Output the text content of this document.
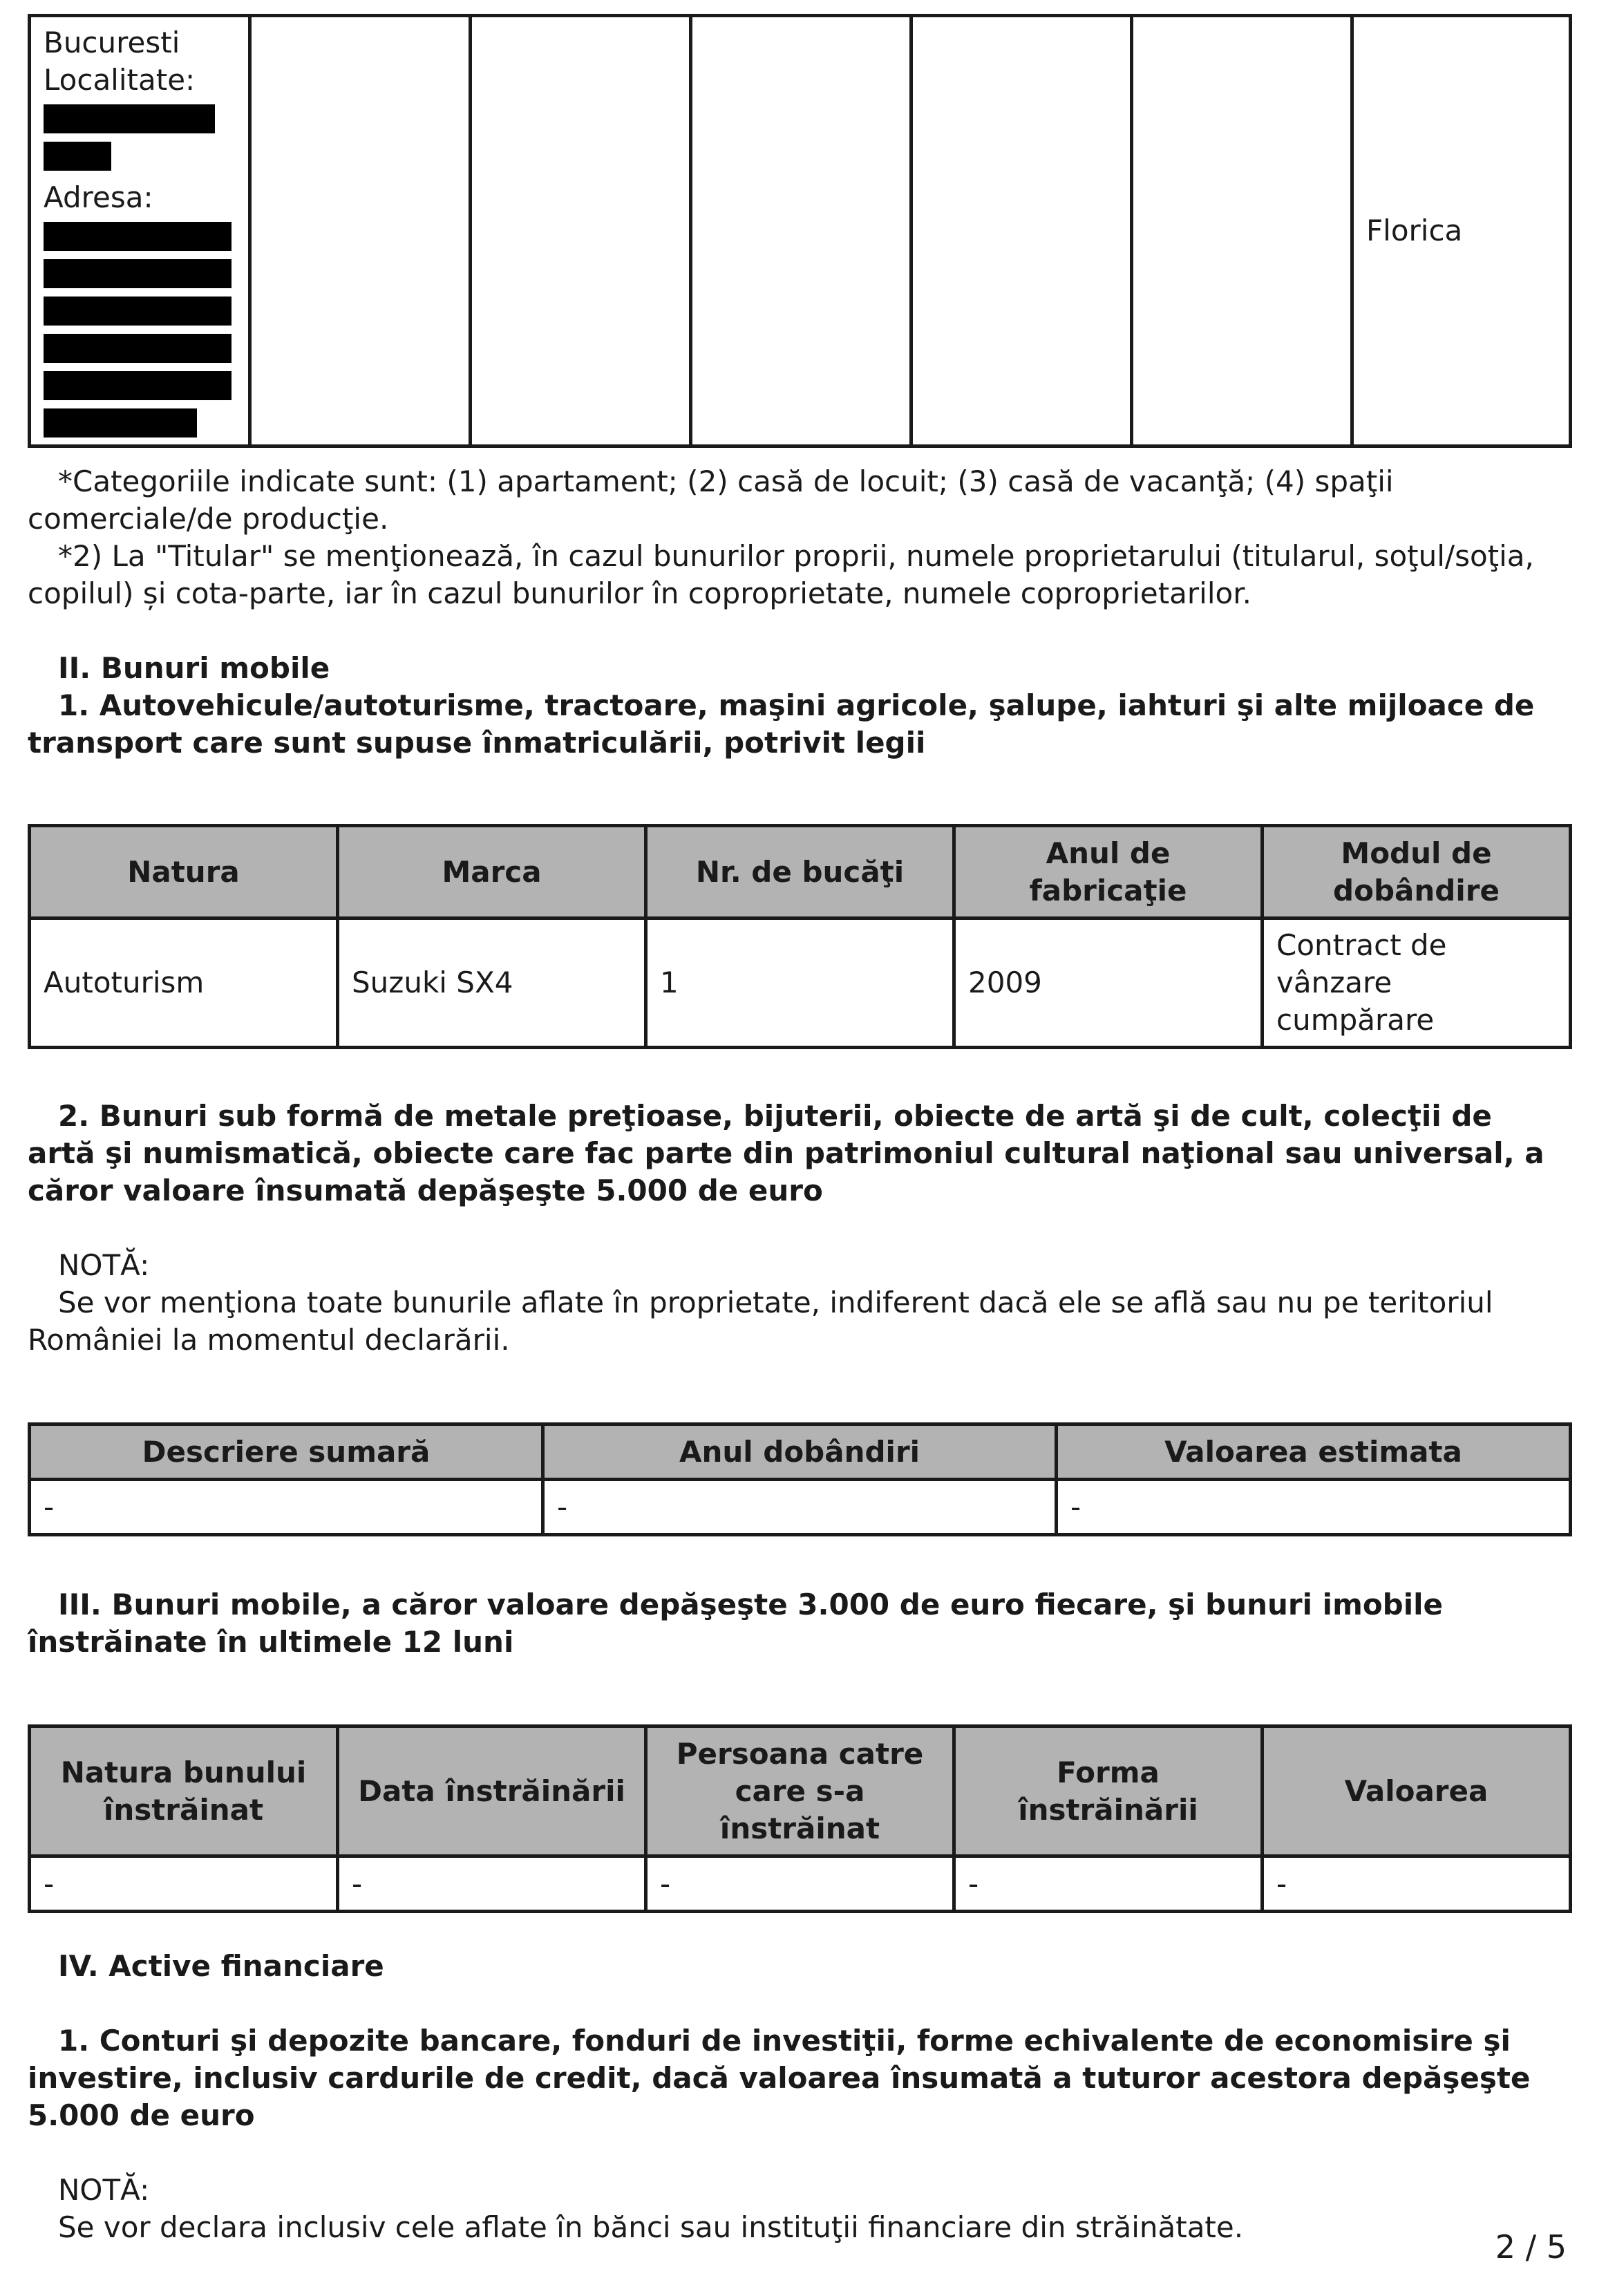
Bucuresti
Localitate:
Adresa:
						Florica

*Categoriile indicate sunt: (1) apartament; (2) casă de locuit; (3) casă de vacanţă; (4) spaţii comerciale/de producţie.

*2) La "Titular" se menţionează, în cazul bunurilor proprii, numele proprietarului (titularul, soţul/soţia, copilul) și cota-parte, iar în cazul bunurilor în coproprietate, numele coproprietarilor.

II. Bunuri mobile

1. Autovehicule/autoturisme, tractoare, maşini agricole, şalupe, iahturi şi alte mijloace de transport care sunt supuse înmatriculării, potrivit legii

Natura	Marca	Nr. de bucăţi	Anul de fabricaţie	Modul de dobândire
Autoturism	Suzuki SX4	1	2009	Contract de vânzare cumpărare

2. Bunuri sub formă de metale preţioase, bijuterii, obiecte de artă şi de cult, colecţii de artă şi numismatică, obiecte care fac parte din patrimoniul cultural naţional sau universal, a căror valoare însumată depăşeşte 5.000 de euro

NOTĂ:

Se vor menţiona toate bunurile aflate în proprietate, indiferent dacă ele se află sau nu pe teritoriul României la momentul declarării.

Descriere sumară	Anul dobândiri	Valoarea estimata
-	-	-

III. Bunuri mobile, a căror valoare depăşeşte 3.000 de euro fiecare, şi bunuri imobile înstrăinate în ultimele 12 luni

Natura bunului înstrăinat	Data înstrăinării	Persoana catre care s-a înstrăinat	Forma înstrăinării	Valoarea
-	-	-	-	-

IV. Active financiare

1. Conturi şi depozite bancare, fonduri de investiţii, forme echivalente de economisire şi investire, inclusiv cardurile de credit, dacă valoarea însumată a tuturor acestora depăşeşte 5.000 de euro

NOTĂ:

Se vor declara inclusiv cele aflate în bănci sau instituţii financiare din străinătate.

2 / 5
